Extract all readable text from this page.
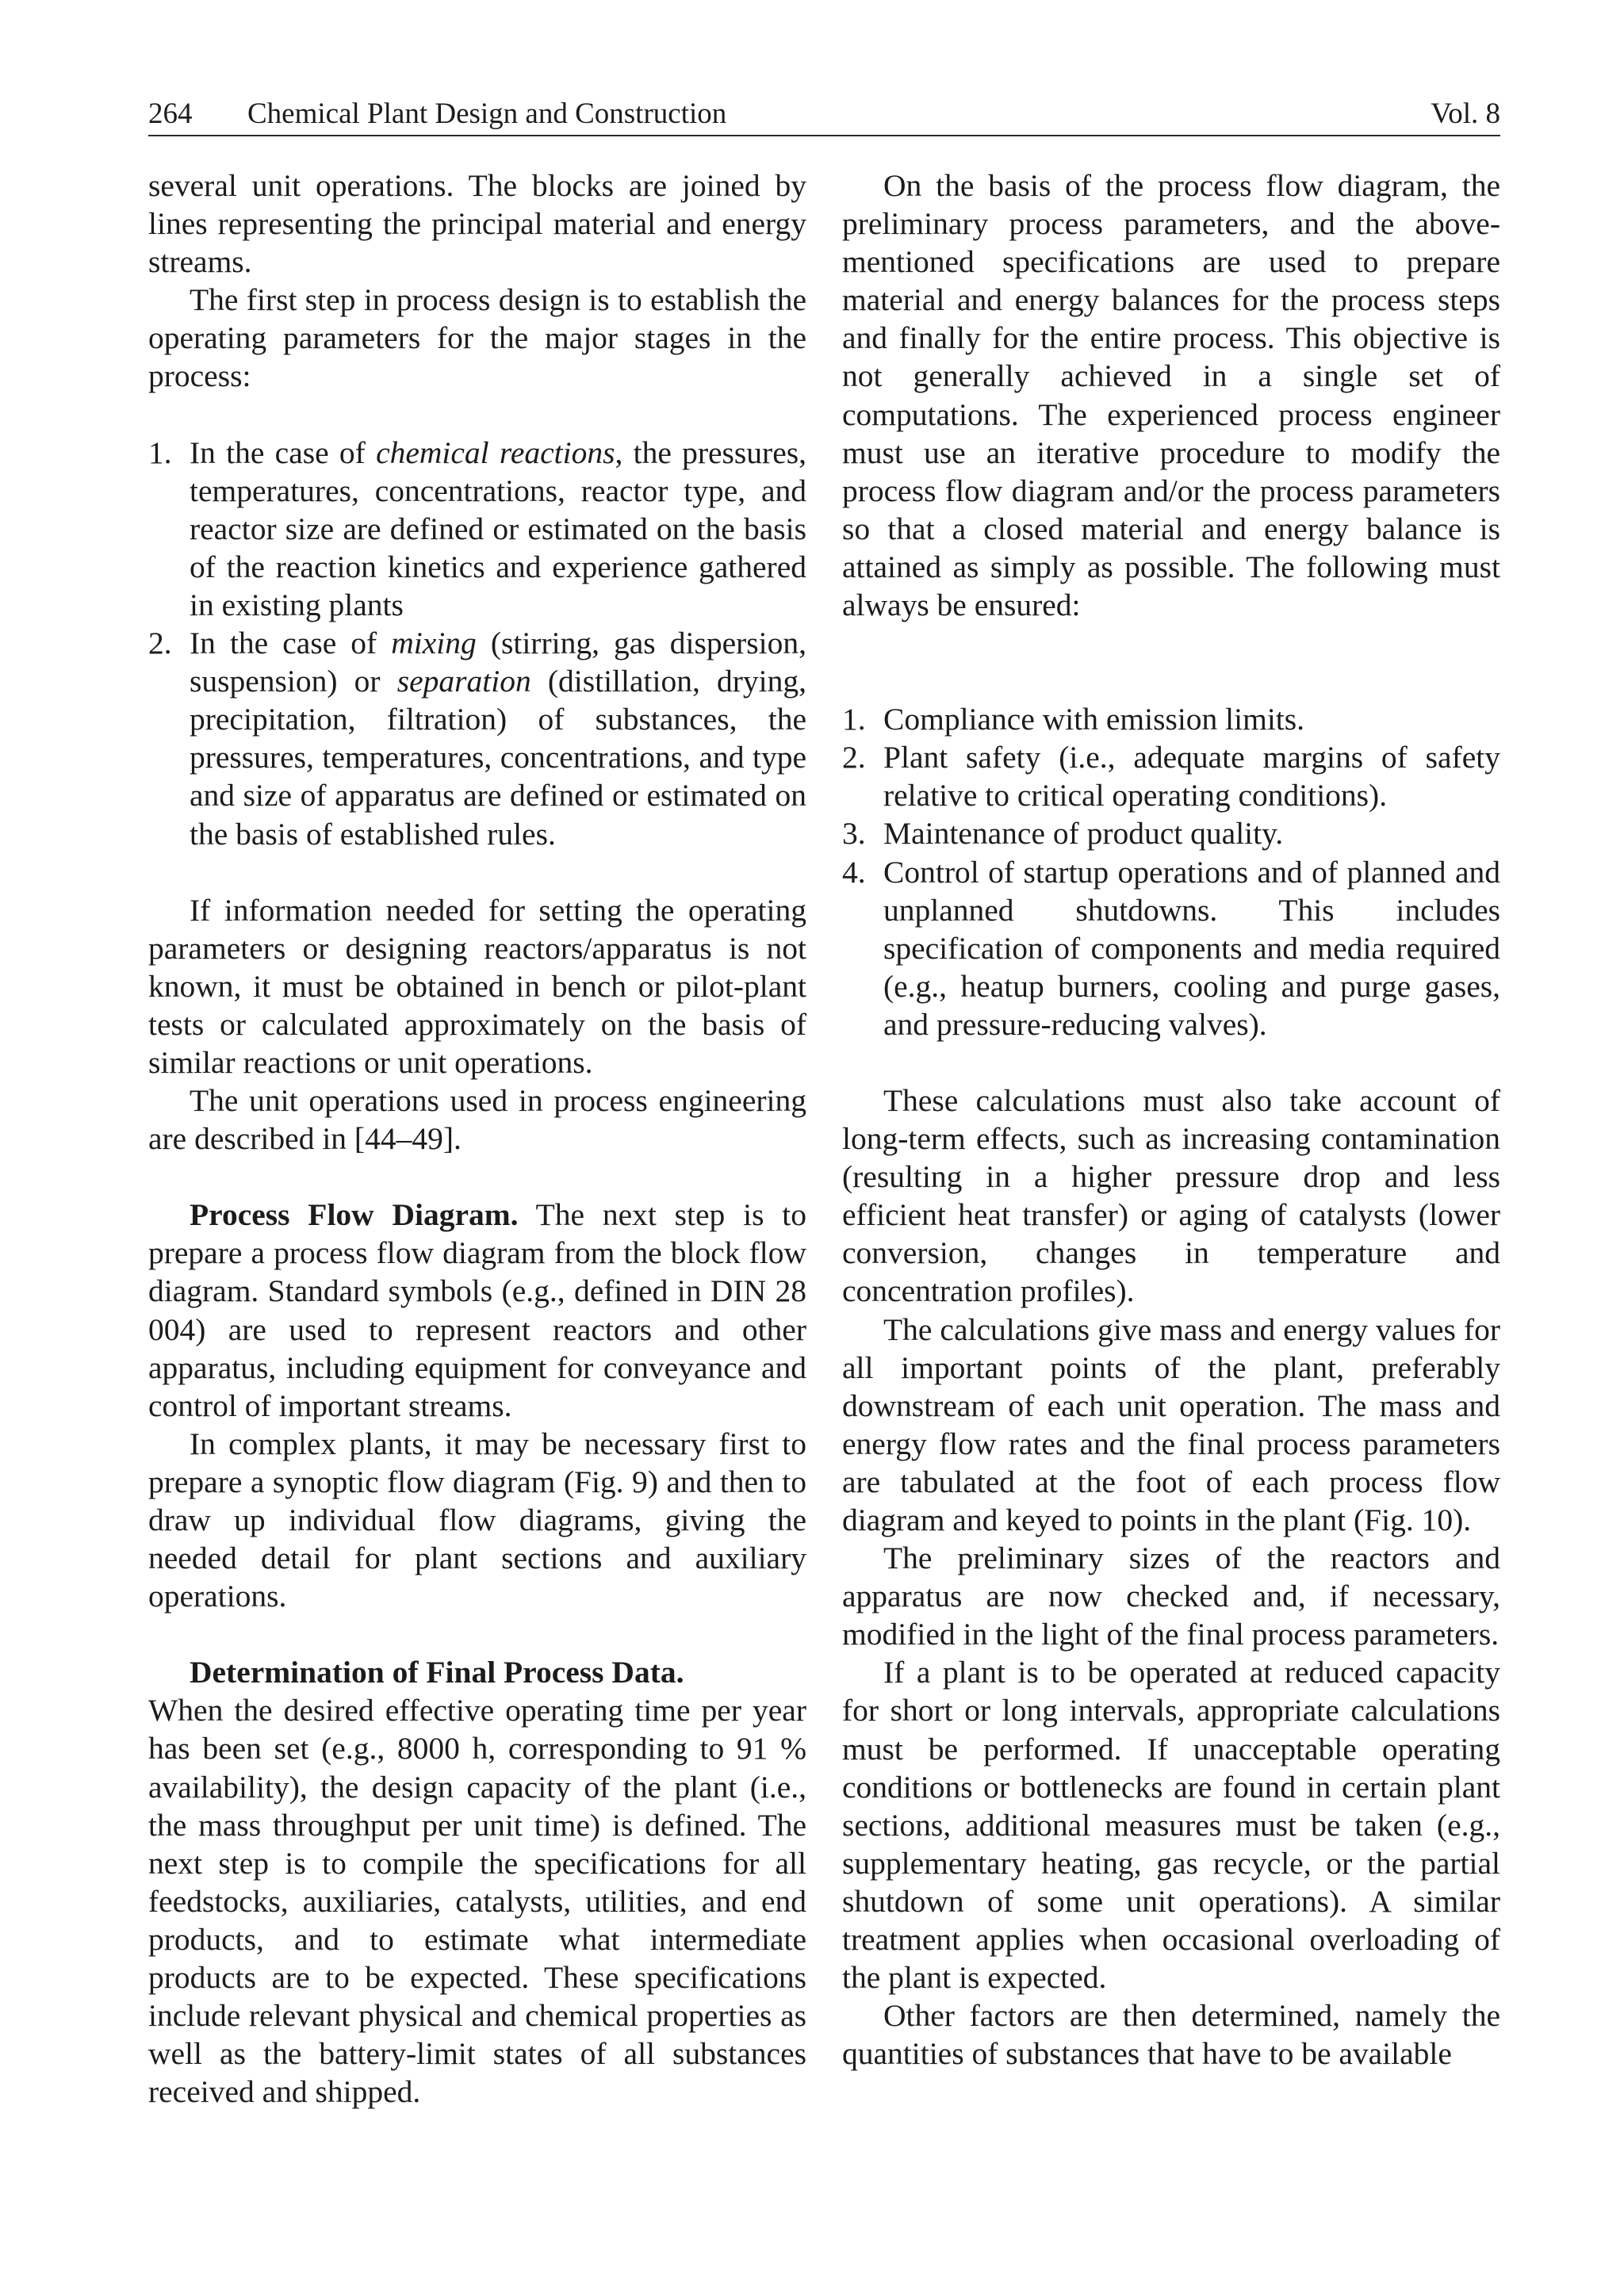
264 Chemical Plant Design and Construction	Vol. 8

several unit operations. The blocks are joined by lines representing the principal material and energy streams.

The first step in process design is to establish the operating parameters for the major stages in the process:

1. In the case of chemical reactions, the pressures, temperatures, concentrations, reactor type, and reactor size are defined or estimated on the basis of the reaction kinetics and experience gathered in existing plants
2. In the case of mixing (stirring, gas dispersion, suspension) or separation (distillation, drying, precipitation, filtration) of substances, the pressures, temperatures, concentrations, and type and size of apparatus are defined or estimated on the basis of established rules.

If information needed for setting the operating parameters or designing reactors/apparatus is not known, it must be obtained in bench or pilot-plant tests or calculated approximately on the basis of similar reactions or unit operations.

The unit operations used in process engineering are described in [44–49].

Process Flow Diagram. The next step is to prepare a process flow diagram from the block flow diagram. Standard symbols (e.g., defined in DIN 28 004) are used to represent reactors and other apparatus, including equipment for conveyance and control of important streams.

In complex plants, it may be necessary first to prepare a synoptic flow diagram (Fig. 9) and then to draw up individual flow diagrams, giving the needed detail for plant sections and auxiliary operations.

Determination of Final Process Data.

When the desired effective operating time per year has been set (e.g., 8000 h, corresponding to 91 % availability), the design capacity of the plant (i.e., the mass throughput per unit time) is defined. The next step is to compile the specifications for all feedstocks, auxiliaries, catalysts, utilities, and end products, and to estimate what intermediate products are to be expected. These specifications include relevant physical and chemical properties as well as the battery-limit states of all substances received and shipped.

On the basis of the process flow diagram, the preliminary process parameters, and the above-mentioned specifications are used to prepare material and energy balances for the process steps and finally for the entire process. This objective is not generally achieved in a single set of computations. The experienced process engineer must use an iterative procedure to modify the process flow diagram and/or the process parameters so that a closed material and energy balance is attained as simply as possible. The following must always be ensured:

1. Compliance with emission limits.
2. Plant safety (i.e., adequate margins of safety relative to critical operating conditions).
3. Maintenance of product quality.
4. Control of startup operations and of planned and unplanned shutdowns. This includes specification of components and media required (e.g., heatup burners, cooling and purge gases, and pressure-reducing valves).

These calculations must also take account of long-term effects, such as increasing contamination (resulting in a higher pressure drop and less efficient heat transfer) or aging of catalysts (lower conversion, changes in temperature and concentration profiles).

The calculations give mass and energy values for all important points of the plant, preferably downstream of each unit operation. The mass and energy flow rates and the final process parameters are tabulated at the foot of each process flow diagram and keyed to points in the plant (Fig. 10).

The preliminary sizes of the reactors and apparatus are now checked and, if necessary, modified in the light of the final process parameters.

If a plant is to be operated at reduced capacity for short or long intervals, appropriate calculations must be performed. If unacceptable operating conditions or bottlenecks are found in certain plant sections, additional measures must be taken (e.g., supplementary heating, gas recycle, or the partial shutdown of some unit operations). A similar treatment applies when occasional overloading of the plant is expected.

Other factors are then determined, namely the quantities of substances that have to be available
